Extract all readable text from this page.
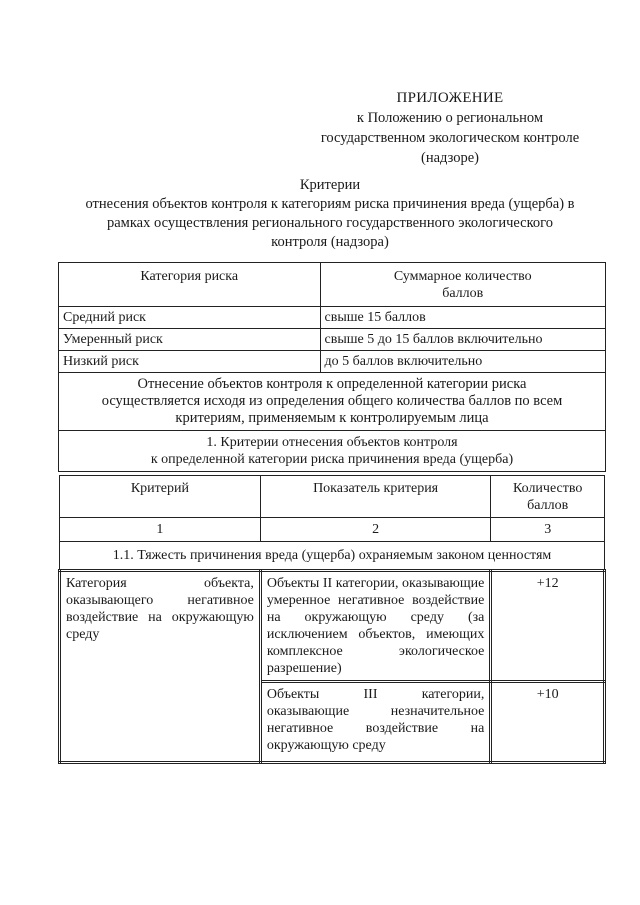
ПРИЛОЖЕНИЕ
к Положению о региональном
государственном экологическом контроле
(надзоре)
Критерии
отнесения объектов контроля к категориям риска причинения вреда (ущерба) в
рамках осуществления регионального государственного экологического
контроля (надзора)
Категория риска	Суммарное количество
баллов

Средний риск	свыше 15 баллов
Умеренный риск	свыше 5 до 15 баллов включительно
Низкий риск	до 5 баллов включительно

Отнесение объектов контроля к определенной категории риска
осуществляется исходя из определения общего количества баллов по всем
критериям, применяемым к контролируемым лица	

1. Критерии отнесения объектов контроля
к определенной категории риска причинения вреда (ущерба)	
Критерий	Показатель критерия	Количество
баллов

1	2	3
1.1. Тяжесть причинения вреда (ущерба) охраняемым законом ценностям		
Категория объекта, оказывающего негативное воздействие на окружающую среду	Объекты II категории, оказывающие умеренное негативное воздействие на окружающую среду (за исключением объектов, имеющих комплексное экологическое разрешение)	+12
	Объекты III категории, оказывающие незначительное негативное воздействие на окружающую среду	+10
